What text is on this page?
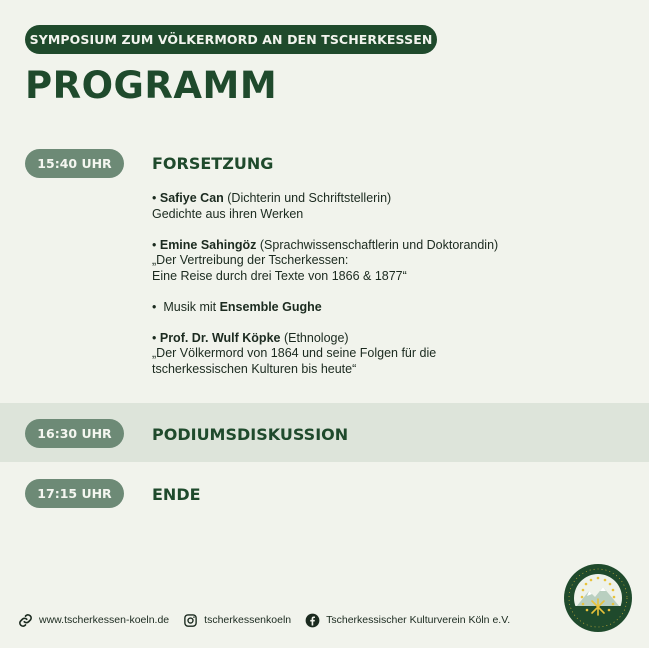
SYMPOSIUM ZUM VÖLKERMORD AN DEN TSCHERKESSEN
PROGRAMM
15:40 UHR	FORSETZUNG
• Safiye Can (Dichterin und Schriftstellerin)
Gedichte aus ihren Werken
• Emine Sahingöz (Sprachwissenschaftlerin und Doktorandin)
„Der Vertreibung der Tscherkessen:
Eine Reise durch drei Texte von 1866 & 1877“
•  Musik mit Ensemble Gughe
• Prof. Dr. Wulf Köpke (Ethnologe)
„Der Völkermord von 1864 und seine Folgen für die
tscherkessischen Kulturen bis heute“
16:30 UHR	PODIUMSDISKUSSION
17:15 UHR	ENDE
www.tscherkessen-koeln.de	tscherkessenkoeln	Tscherkessischer Kulturverein Köln e.V.
